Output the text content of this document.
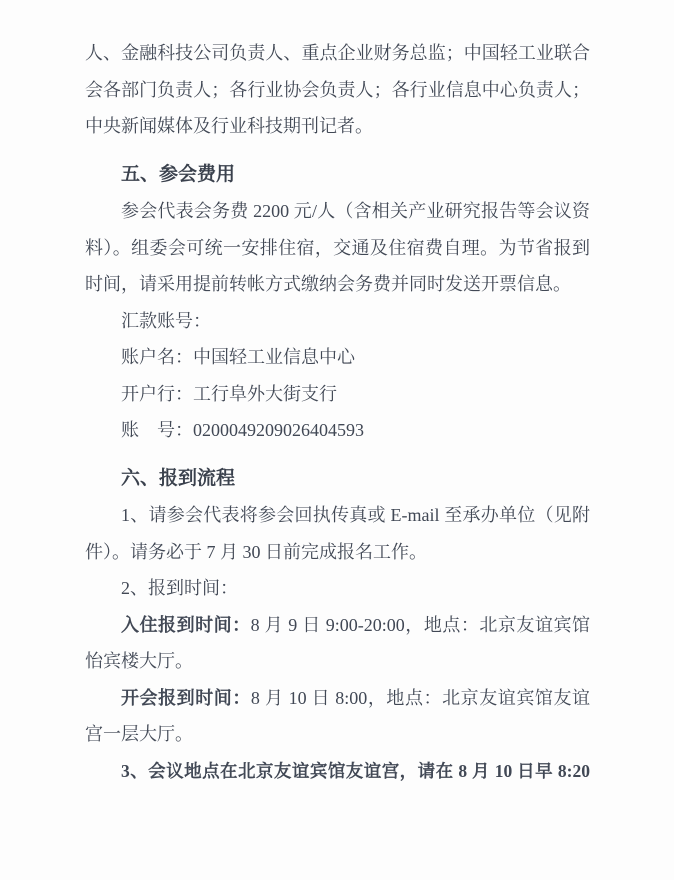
人、金融科技公司负责人、重点企业财务总监；中国轻工业联合会各部门负责人；各行业协会负责人；各行业信息中心负责人；中央新闻媒体及行业科技期刊记者。

五、参会费用

参会代表会务费 2200 元/人（含相关产业研究报告等会议资料）。组委会可统一安排住宿，交通及住宿费自理。为节省报到时间，请采用提前转帐方式缴纳会务费并同时发送开票信息。

汇款账号：

账户名：中国轻工业信息中心

开户行：工行阜外大街支行

账　号：0200049209026404593

六、报到流程

1、请参会代表将参会回执传真或 E-mail 至承办单位（见附件）。请务必于 7 月 30 日前完成报名工作。

2、报到时间：

入住报到时间：8 月 9 日 9:00-20:00，地点：北京友谊宾馆怡宾楼大厅。

开会报到时间：8 月 10 日 8:00，地点：北京友谊宾馆友谊宫一层大厅。

3、会议地点在北京友谊宾馆友谊宫，请在 8 月 10 日早 8:20
